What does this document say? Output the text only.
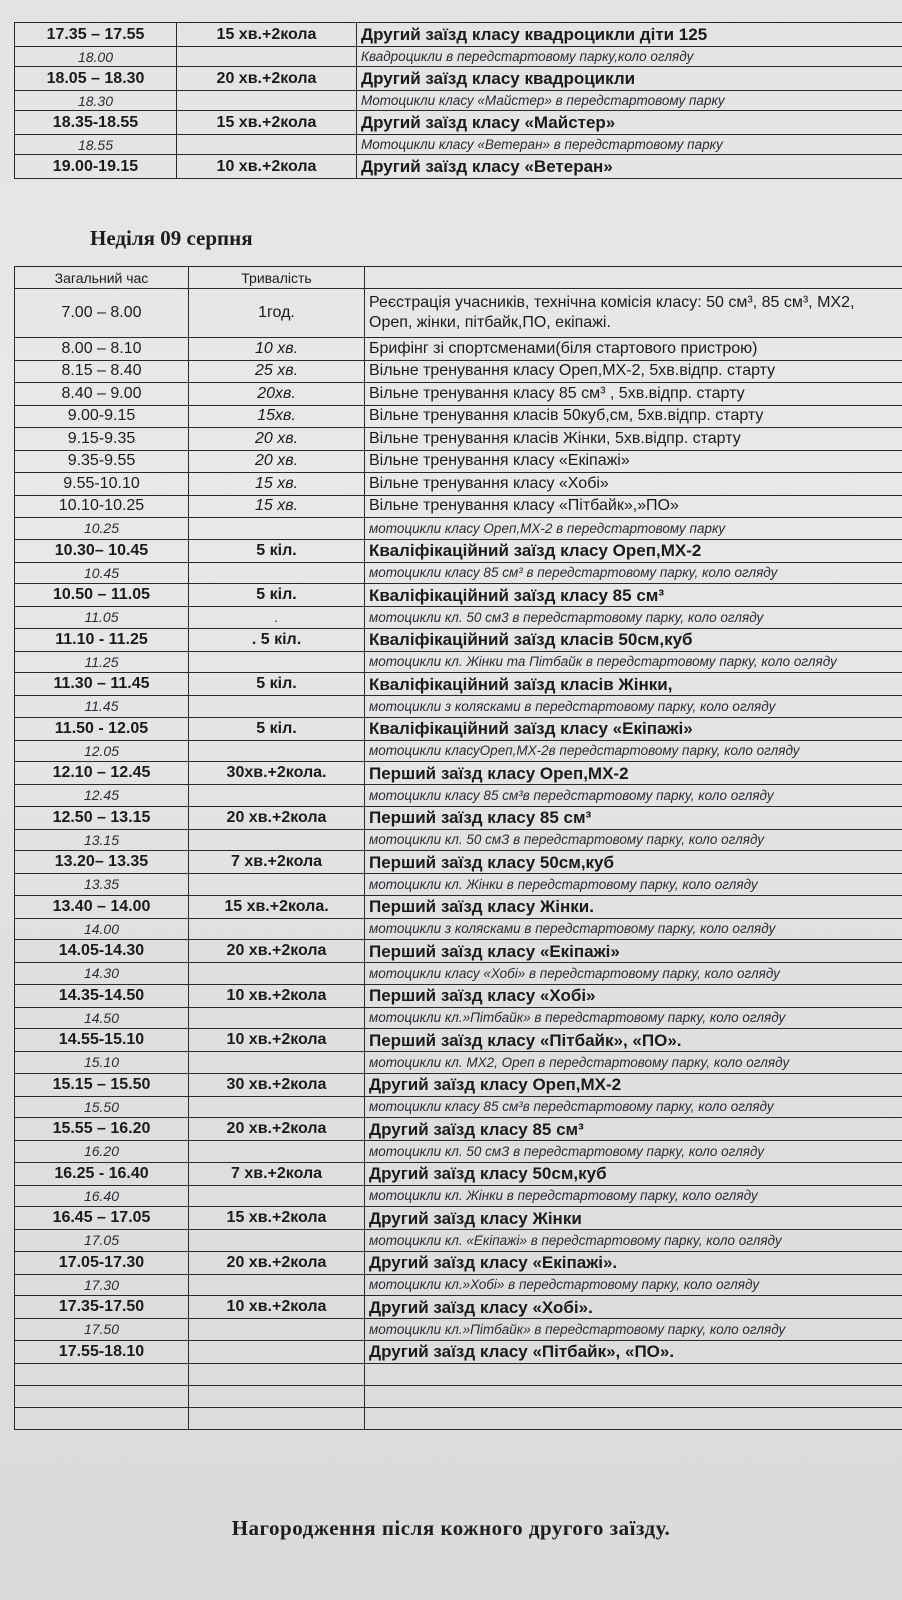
17.35 – 17.55	15 хв.+2кола	Другий заїзд класу квадроцикли діти 125
18.00		Квадроцикли в передстартовому парку,коло огляду
18.05 – 18.30	20 хв.+2кола	Другий заїзд класу квадроцикли
18.30		Мотоцикли класу «Майстер» в передстартовому парку
18.35-18.55	15 хв.+2кола	Другий заїзд класу «Майстер»
18.55		Мотоцикли класу «Ветеран» в передстартовому парку
19.00-19.15	10 хв.+2кола	Другий заїзд класу «Ветеран»
Неділя 09 серпня
Загальний час	Тривалість	
7.00 – 8.00	1год.	Реєстрація учасників, технічна комісія класу: 50 см³, 85 см³, МХ2, Ореп, жінки, пітбайк,ПО, екіпажі.
8.00 – 8.10	10 хв.	Брифінг зі спортсменами(біля стартового пристрою)
8.15 – 8.40	25 хв.	Вільне тренування класу Ореп,МХ-2, 5хв.відпр. старту
8.40 – 9.00	20хв.	Вільне тренування класу 85 см³ , 5хв.відпр. старту
9.00-9.15	15хв.	Вільне тренування класів 50куб,см, 5хв.відпр. старту
9.15-9.35	20 хв.	Вільне тренування класів Жінки, 5хв.відпр. старту
9.35-9.55	20 хв.	Вільне тренування класу «Екіпажі»
9.55-10.10	15 хв.	Вільне тренування класу «Хобі»
10.10-10.25	15 хв.	Вільне тренування класу «Пітбайк»,»ПО»
10.25		мотоцикли класу Ореп,МХ-2 в передстартовому парку
10.30– 10.45	5 кіл.	Кваліфікаційний заїзд класу Ореп,МХ-2
10.45		мотоцикли класу 85 см³ в передстартовому парку, коло огляду
10.50 – 11.05	5 кіл.	Кваліфікаційний заїзд класу 85 см³
11.05	.	мотоцикли кл. 50 см3 в передстартовому парку, коло огляду
11.10 - 11.25	. 5 кіл.	Кваліфікаційний заїзд класів 50см,куб
11.25		мотоцикли кл. Жінки та Пітбайк в передстартовому парку, коло огляду
11.30 – 11.45	5 кіл.	Кваліфікаційний заїзд класів Жінки,
11.45		мотоцикли з колясками в передстартовому парку, коло огляду
11.50 - 12.05	5 кіл.	Кваліфікаційний заїзд класу «Екіпажі»
12.05		мотоцикли класуОреп,МХ-2в передстартовому парку, коло огляду
12.10 – 12.45	30хв.+2кола.	Перший заїзд класу Ореп,МХ-2
12.45		мотоцикли класу 85 см³в передстартовому парку, коло огляду
12.50 – 13.15	20 хв.+2кола	Перший заїзд класу 85 см³
13.15		мотоцикли кл. 50 смЗ в передстартовому парку, коло огляду
13.20– 13.35	7 хв.+2кола	Перший заїзд класу 50см,куб
13.35		мотоцикли кл. Жінки в передстартовому парку, коло огляду
13.40 – 14.00	15 хв.+2кола.	Перший заїзд класу Жінки.
14.00		мотоцикли з колясками в передстартовому парку, коло огляду
14.05-14.30	20 хв.+2кола	Перший заїзд класу «Екіпажі»
14.30		мотоцикли класу «Хобі» в передстартовому парку, коло огляду
14.35-14.50	10 хв.+2кола	Перший заїзд класу «Хобі»
14.50		мотоцикли кл.»Пітбайк» в передстартовому парку, коло огляду
14.55-15.10	10 хв.+2кола	Перший заїзд класу «Пітбайк», «ПО».
15.10		мотоцикли кл. МХ2, Ореп в передстартовому парку, коло огляду
15.15 – 15.50	30 хв.+2кола	Другий заїзд класу Ореп,МХ-2
15.50		мотоцикли класу 85 см³в передстартовому парку, коло огляду
15.55 – 16.20	20 хв.+2кола	Другий заїзд класу 85 см³
16.20		мотоцикли кл. 50 смЗ в передстартовому парку, коло огляду
16.25 - 16.40	7 хв.+2кола	Другий заїзд класу 50см,куб
16.40		мотоцикли кл. Жінки в передстартовому парку, коло огляду
16.45 – 17.05	15 хв.+2кола	Другий заїзд класу Жінки
17.05		мотоцикли кл. «Екіпажі» в передстартовому парку, коло огляду
17.05-17.30	20 хв.+2кола	Другий заїзд класу «Екіпажі».
17.30		мотоцикли кл.»Хобі» в передстартовому парку, коло огляду
17.35-17.50	10 хв.+2кола	Другий заїзд класу «Хобі».
17.50		мотоцикли кл.»Пітбайк» в передстартовому парку, коло огляду
17.55-18.10		Другий заїзд класу «Пітбайк», «ПО».

Нагородження після кожного другого заїзду.
